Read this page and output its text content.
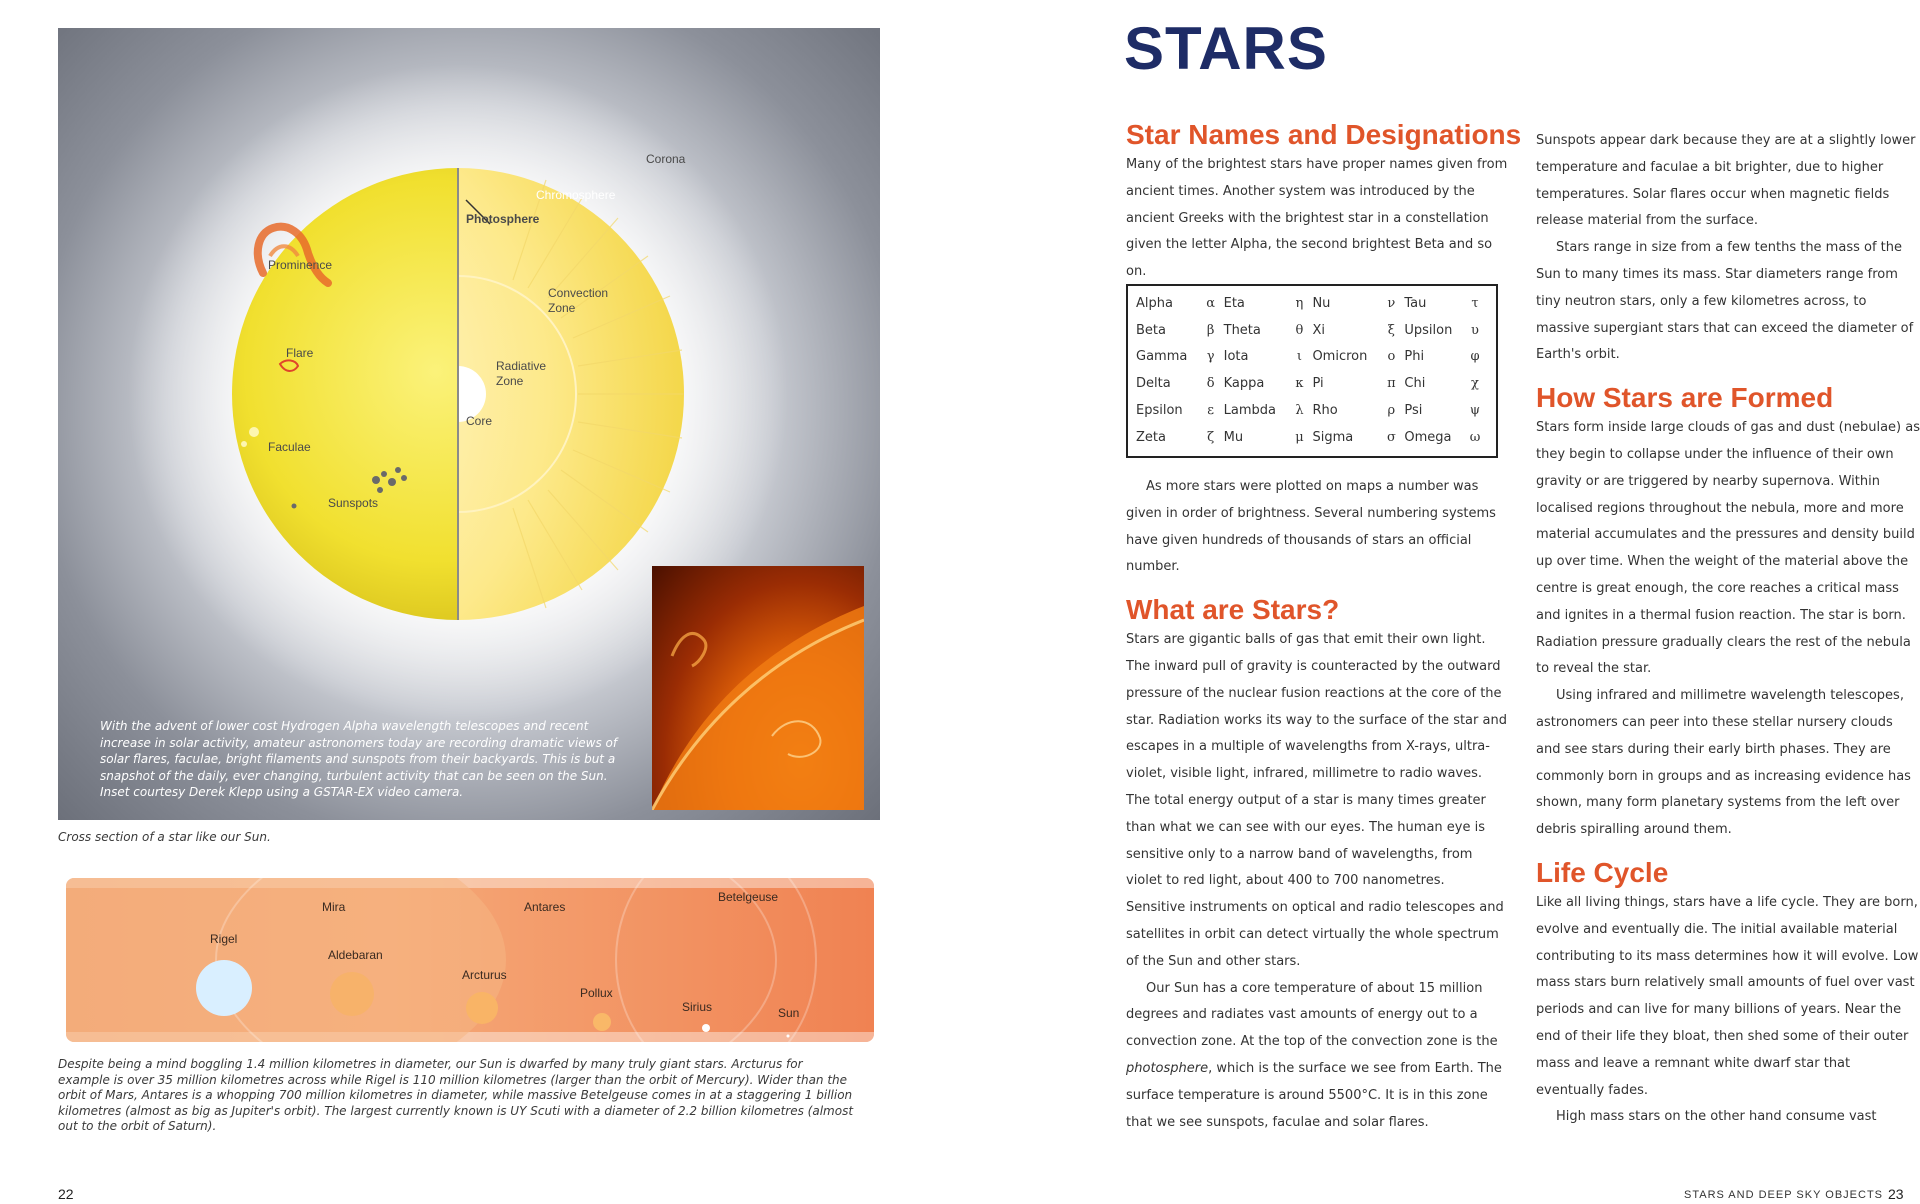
Corona
Chromosphere
Photosphere
Prominence
Convection
Zone
Radiative
Zone
Flare
Core
Faculae
Sunspots

With the advent of lower cost Hydrogen Alpha wavelength telescopes and recent increase in solar activity, amateur astronomers today are recording dramatic views of solar flares, faculae, bright filaments and sunspots from their backyards. This is but a snapshot of the daily, ever changing, turbulent activity that can be seen on the Sun. Inset courtesy Derek Klepp using a GSTAR-EX video camera.

Cross section of a star like our Sun.

Rigel
Mira
Aldebaran
Antares
Arcturus
Pollux
Betelgeuse
Sirius	Sun

Despite being a mind boggling 1.4 million kilometres in diameter, our Sun is dwarfed by many truly giant stars. Arcturus for example is over 35 million kilometres across while Rigel is 110 million kilometres (larger than the orbit of Mercury). Wider than the orbit of Mars, Antares is a whopping 700 million kilometres in diameter, while massive Betelgeuse comes in at a staggering 1 billion kilometres (almost as big as Jupiter's orbit). The largest currently known is UY Scuti with a diameter of 2.2 billion kilometres (almost out to the orbit of Saturn).

22
STARS
Star Names and Designations

Many of the brightest stars have proper names given from ancient times. Another system was introduced by the ancient Greeks with the brightest star in a constellation given the letter Alpha, the second brightest Beta and so on.

Alpha	α	Eta	η	Nu	ν	Tau	τ
Beta	β	Theta	θ	Xi	ξ	Upsilon	υ
Gamma	γ	Iota	ι	Omicron	ο	Phi	φ
Delta	δ	Kappa	κ	Pi	π	Chi	χ
Epsilon	ε	Lambda	λ	Rho	ρ	Psi	ψ
Zeta	ζ	Mu	μ	Sigma	σ	Omega	ω

As more stars were plotted on maps a number was given in order of brightness. Several numbering systems have given hundreds of thousands of stars an official number.

What are Stars?

Stars are gigantic balls of gas that emit their own light. The inward pull of gravity is counteracted by the outward pressure of the nuclear fusion reactions at the core of the star. Radiation works its way to the surface of the star and escapes in a multiple of wavelengths from X-rays, ultra-violet, visible light, infrared, millimetre to radio waves. The total energy output of a star is many times greater than what we can see with our eyes. The human eye is sensitive only to a narrow band of wavelengths, from violet to red light, about 400 to 700 nanometres. Sensitive instruments on optical and radio telescopes and satellites in orbit can detect virtually the whole spectrum of the Sun and other stars.

Our Sun has a core temperature of about 15 million degrees and radiates vast amounts of energy out to a convection zone. At the top of the convection zone is the photosphere, which is the surface we see from Earth. The surface temperature is around 5500°C. It is in this zone that we see sunspots, faculae and solar flares.

Sunspots appear dark because they are at a slightly lower temperature and faculae a bit brighter, due to higher temperatures. Solar flares occur when magnetic fields release material from the surface.

Stars range in size from a few tenths the mass of the Sun to many times its mass. Star diameters range from tiny neutron stars, only a few kilometres across, to massive supergiant stars that can exceed the diameter of Earth's orbit.

How Stars are Formed

Stars form inside large clouds of gas and dust (nebulae) as they begin to collapse under the influence of their own gravity or are triggered by nearby supernova. Within localised regions throughout the nebula, more and more material accumulates and the pressures and density build up over time. When the weight of the material above the centre is great enough, the core reaches a critical mass and ignites in a thermal fusion reaction. The star is born. Radiation pressure gradually clears the rest of the nebula to reveal the star.

Using infrared and millimetre wavelength telescopes, astronomers can peer into these stellar nursery clouds and see stars during their early birth phases. They are commonly born in groups and as increasing evidence has shown, many form planetary systems from the left over debris spiralling around them.

Life Cycle

Like all living things, stars have a life cycle. They are born, evolve and eventually die. The initial available material contributing to its mass determines how it will evolve. Low mass stars burn relatively small amounts of fuel over vast periods and can live for many billions of years. Near the end of their life they bloat, then shed some of their outer mass and leave a remnant white dwarf star that eventually fades.

High mass stars on the other hand consume vast

STARS AND DEEP SKY OBJECTS 23
